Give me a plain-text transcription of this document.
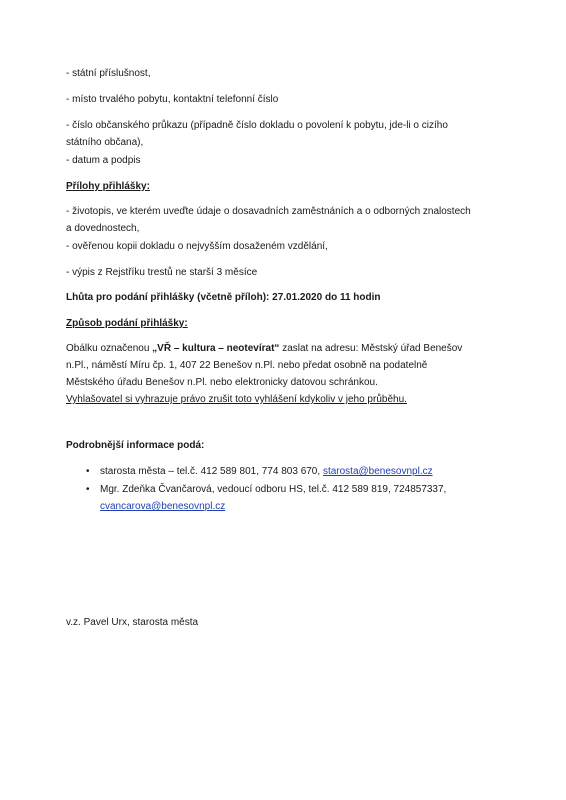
- státní příslušnost,

- místo trvalého pobytu, kontaktní telefonní číslo

- číslo občanského průkazu (případně číslo dokladu o povolení k pobytu, jde-li o cizího státního občana),

- datum a podpis

Přílohy přihlášky:

- životopis, ve kterém uveďte údaje o dosavadních zaměstnáních a o odborných znalostech a dovednostech,

- ověřenou kopii dokladu o nejvyšším dosaženém vzdělání,

- výpis z Rejstříku trestů ne starší 3 měsíce

Lhůta pro podání přihlášky (včetně příloh): 27.01.2020 do 11 hodin

Způsob podání přihlášky:

Obálku označenou „VŘ – kultura – neotevírat“ zaslat na adresu: Městský úřad Benešov n.Pl., náměstí Míru čp. 1, 407 22 Benešov n.Pl. nebo předat osobně na podatelně Městského úřadu Benešov n.Pl. nebo elektronicky datovou schránkou.

Vyhlašovatel si vyhrazuje právo zrušit toto vyhlášení kdykoliv v jeho průběhu.

Podrobnější informace podá:

• starosta města – tel.č. 412 589 801, 774 803 670, starosta@benesovnpl.cz
• Mgr. Zdeňka Čvančarová, vedoucí odboru HS, tel.č. 412 589 819, 724857337, cvancarova@benesovnpl.cz

v.z. Pavel Urx, starosta města
